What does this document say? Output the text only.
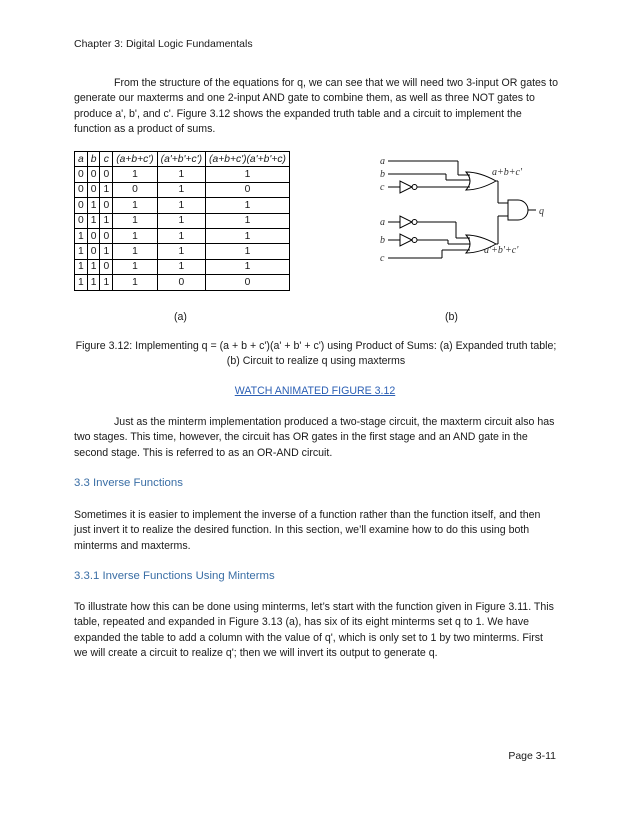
Chapter 3: Digital Logic Fundamentals

From the structure of the equations for q, we can see that we will need two 3-input OR gates to generate our maxterms and one 2-input AND gate to combine them, as well as three NOT gates to produce a', b', and c'. Figure 3.12 shows the expanded truth table and a circuit to implement the function as a product of sums.

a	b	c	(a+b+c')	(a'+b'+c')	(a+b+c')(a'+b'+c)
0	0	0	1	1	1
0	0	1	0	1	0
0	1	0	1	1	1
0	1	1	1	1	1
1	0	0	1	1	1
1	0	1	1	1	1
1	1	0	1	1	1
1	1	1	1	0	0
a
b
c
a
b
c
a+b+c'
a'+b'+c'
q
(a)	(b)
Figure 3.12: Implementing q = (a + b + c')(a' + b' + c') using Product of Sums: (a) Expanded truth table; (b) Circuit to realize q using maxterms
WATCH ANIMATED FIGURE 3.12

Just as the minterm implementation produced a two-stage circuit, the maxterm circuit also has two stages. This time, however, the circuit has OR gates in the first stage and an AND gate in the second stage. This is referred to as an OR-AND circuit.

3.3 Inverse Functions

Sometimes it is easier to implement the inverse of a function rather than the function itself, and then just invert it to realize the desired function. In this section, we’ll examine how to do this using both minterms and maxterms.

3.3.1 Inverse Functions Using Minterms

To illustrate how this can be done using minterms, let’s start with the function given in Figure 3.11. This table, repeated and expanded in Figure 3.13 (a), has six of its eight minterms set q to 1. We have expanded the table to add a column with the value of q', which is only set to 1 by two minterms. First we will create a circuit to realize q'; then we will invert its output to generate q.

Page 3-11
